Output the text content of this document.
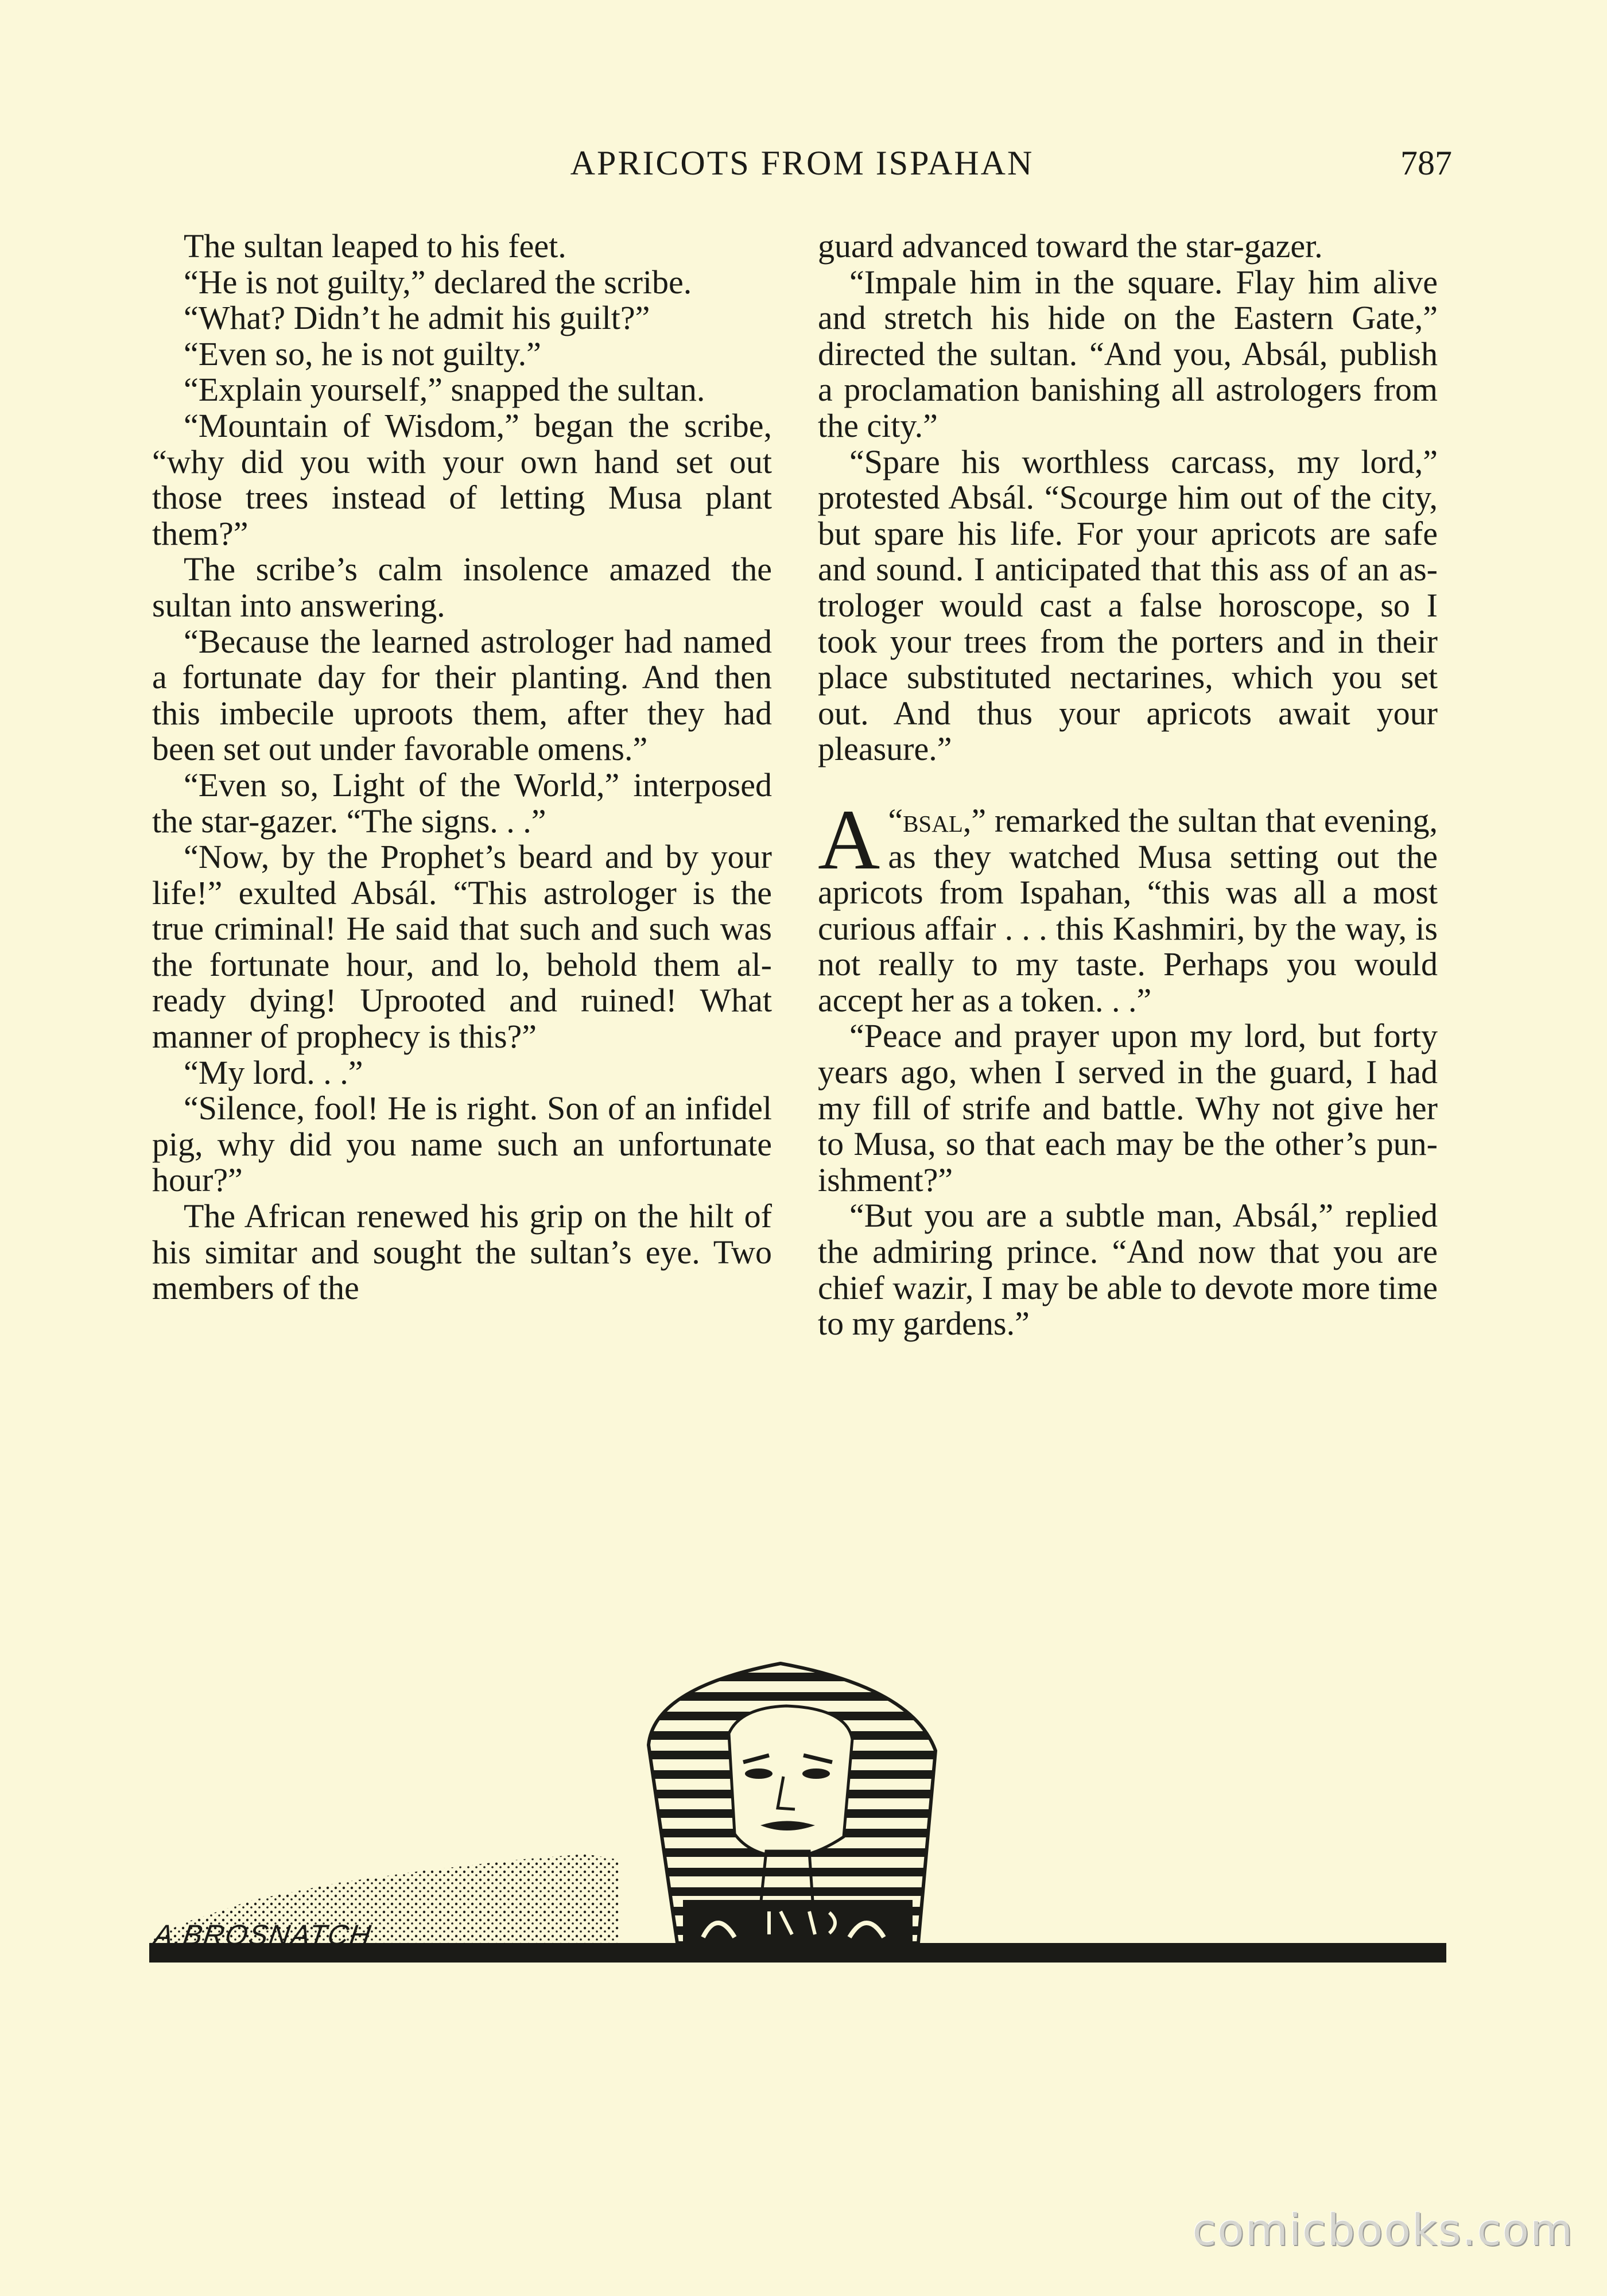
APRICOTS FROM ISPAHAN	787

The sultan leaped to his feet.

“He is not guilty,” declared the scribe.

“What? Didn’t he admit his guilt?”

“Even so, he is not guilty.”

“Explain yourself,” snapped the sultan.

“Mountain of Wisdom,” began the scribe, “why did you with your own hand set out those trees instead of letting Musa plant them?”

The scribe’s calm insolence amazed the sultan into answering.

“Because the learned astrologer had named a fortunate day for their planting. And then this imbecile uproots them, after they had been set out under favorable omens.”

“Even so, Light of the World,” interposed the star-gazer. “The signs. . .”

“Now, by the Prophet’s beard and by your life!” exulted Absál. “This astrologer is the true criminal! He said that such and such was the fortunate hour, and lo, behold them already dying! Uprooted and ruined! What manner of prophecy is this?”

“My lord. . .”

“Silence, fool! He is right. Son of an infidel pig, why did you name such an unfortunate hour?”

The African renewed his grip on the hilt of his simitar and sought the sultan’s eye. Two members of the

guard advanced toward the star-gazer.

“Impale him in the square. Flay him alive and stretch his hide on the Eastern Gate,” directed the sultan. “And you, Absál, publish a proclamation banishing all astrologers from the city.”

“Spare his worthless carcass, my lord,” protested Absál. “Scourge him out of the city, but spare his life. For your apricots are safe and sound. I anticipated that this ass of an astrologer would cast a false horoscope, so I took your trees from the porters and in their place substituted nectarines, which you set out. And thus your apricots await your pleasure.”

“
A bsal,” remarked the sultan that evening, as they watched Musa setting out the apricots from Ispahan, “this was all a most curious affair . . . this Kashmiri, by the way, is not really to my taste. Perhaps you would accept her as a token. . .”

“Peace and prayer upon my lord, but forty years ago, when I served in the guard, I had my fill of strife and battle. Why not give her to Musa, so that each may be the other’s punishment?”

“But you are a subtle man, Absál,” replied the admiring prince. “And now that you are chief wazir, I may be able to devote more time to my gardens.”

A.BROSNATCH
comicbooks.com
